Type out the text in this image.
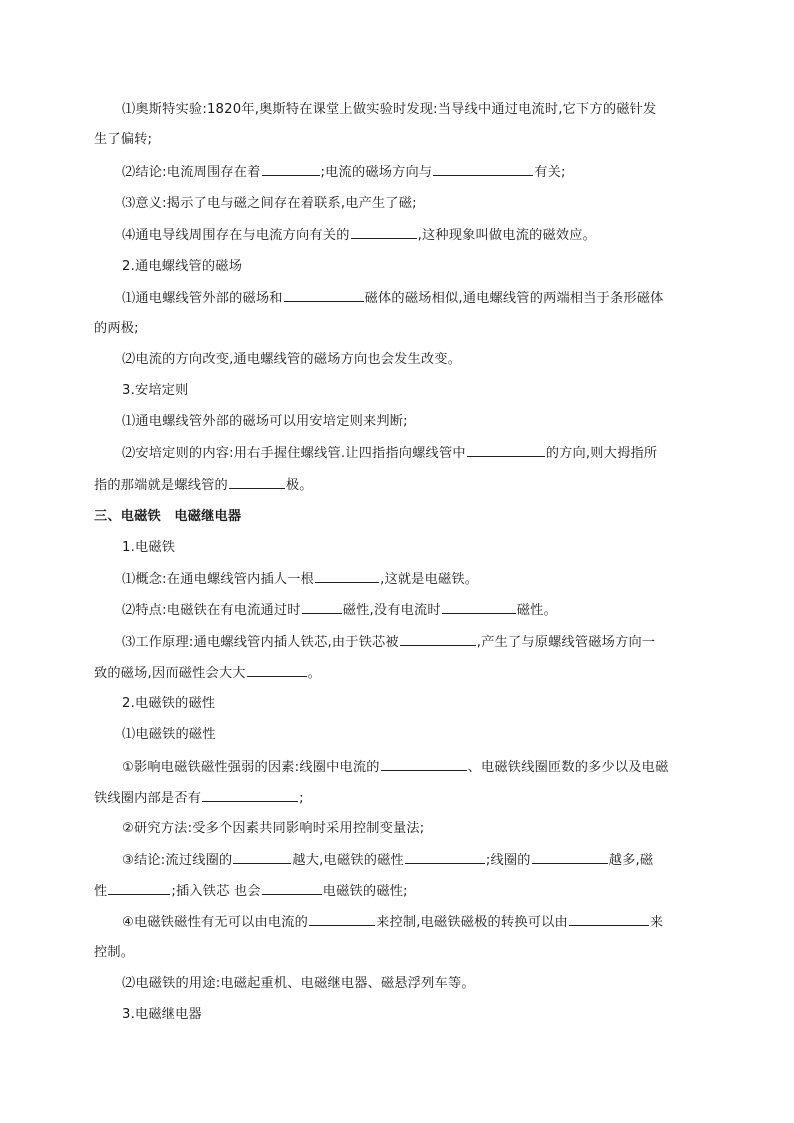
⑴奥斯特实验:1820年,奥斯特在课堂上做实验时发现:当导线中通过电流时,它下方的磁针发
生了偏转;
⑵结论:电流周围存在着	;电流的磁场方向与	有关;
⑶意义:揭示了电与磁之间存在着联系,电产生了磁;
⑷通电导线周围存在与电流方向有关的	,这种现象叫做电流的磁效应。
2.通电螺线管的磁场
⑴通电螺线管外部的磁场和	磁体的磁场相似,通电螺线管的两端相当于条形磁体
的两极;
⑵电流的方向改变,通电螺线管的磁场方向也会发生改变。
3.安培定则
⑴通电螺线管外部的磁场可以用安培定则来判断;
⑵安培定则的内容:用右手握住螺线管.让四指指向螺线管中	的方向,则大拇指所
指的那端就是螺线管的	极。
三、电磁铁　电磁继电器
1.电磁铁
⑴概念:在通电螺线管内插人一根	,这就是电磁铁。
⑵特点:电磁铁在有电流通过时	磁性,没有电流时	磁性。
⑶工作原理:通电螺线管内插人铁芯,由于铁芯被	,产生了与原螺线管磁场方向一
致的磁场,因而磁性会大大	。
2.电磁铁的磁性
⑴电磁铁的磁性
①影响电磁铁磁性强弱的因素:线圈中电流的	、电磁铁线圈匝数的多少以及电磁
铁线圈内部是否有	;
②研究方法:受多个因素共同影响时采用控制变量法;
③结论:流过线圈的	越大,电磁铁的磁性	;线圈的	越多,磁
性	;插入铁芯 也会	电磁铁的磁性;
④电磁铁磁性有无可以由电流的	来控制,电磁铁磁极的转换可以由	来
控制。
⑵电磁铁的用途:电磁起重机、电磁继电器、磁悬浮列车等。
3.电磁继电器
